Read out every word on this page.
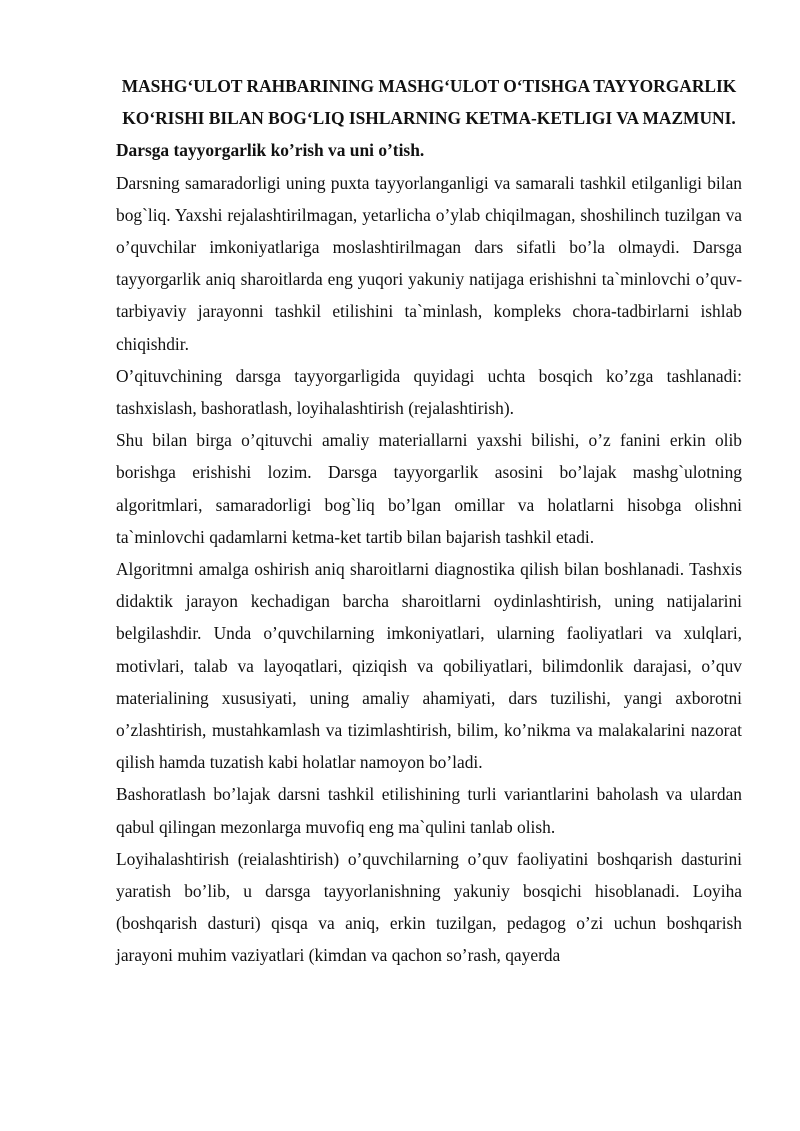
MASHG‘ULOT RAHBARINING MASHG‘ULOT O‘TISHGA TAYYORGARLIK KO‘RISHI BILAN BOG‘LIQ ISHLARNING KETMA-KETLIGI VA MAZMUNI.
Darsga tayyorgarlik ko’rish va uni o’tish.

Darsning samaradorligi uning puxta tayyorlanganligi va samarali tashkil etilganligi bilan bog`liq. Yaxshi rejalashtirilmagan, yetarlicha o’ylab chiqilmagan, shoshilinch tuzilgan va o’quvchilar imkoniyatlariga moslashtirilmagan dars sifatli bo’la olmaydi. Darsga tayyorgarlik aniq sharoitlarda eng yuqori yakuniy natijaga erishishni ta`minlovchi o’quv-tarbiyaviy jarayonni tashkil etilishini ta`minlash, kompleks chora-tadbirlarni ishlab chiqishdir.

O’qituvchining darsga tayyorgarligida quyidagi uchta bosqich ko’zga tashlanadi: tashxislash, bashoratlash, loyihalashtirish (rejalashtirish).

Shu bilan birga o’qituvchi amaliy materiallarni yaxshi bilishi, o’z fanini erkin olib borishga erishishi lozim. Darsga tayyorgarlik asosini bo’lajak mashg`ulotning algoritmlari, samaradorligi bog`liq bo’lgan omillar va holatlarni hisobga olishni ta`minlovchi qadamlarni ketma-ket tartib bilan bajarish tashkil etadi.

Algoritmni amalga oshirish aniq sharoitlarni diagnostika qilish bilan boshlanadi. Tashxis didaktik jarayon kechadigan barcha sharoitlarni oydinlashtirish, uning natijalarini belgilashdir. Unda o’quvchilarning imkoniyatlari, ularning faoliyatlari va xulqlari, motivlari, talab va layoqatlari, qiziqish va qobiliyatlari, bilimdonlik darajasi, o’quv materialining xususiyati, uning amaliy ahamiyati, dars tuzilishi, yangi axborotni o’zlashtirish, mustahkamlash va tizimlashtirish, bilim, ko’nikma va malakalarini nazorat qilish hamda tuzatish kabi holatlar namoyon bo’ladi.

Bashoratlash bo’lajak darsni tashkil etilishining turli variantlarini baholash va ulardan qabul qilingan mezonlarga muvofiq eng ma`qulini tanlab olish.

Loyihalashtirish (reialashtirish) o’quvchilarning o’quv faoliyatini boshqarish dasturini yaratish bo’lib, u darsga tayyorlanishning yakuniy bosqichi hisoblanadi. Loyiha (boshqarish dasturi) qisqa va aniq, erkin tuzilgan, pedagog o’zi uchun boshqarish jarayoni muhim vaziyatlari (kimdan va qachon so’rash, qayerda
